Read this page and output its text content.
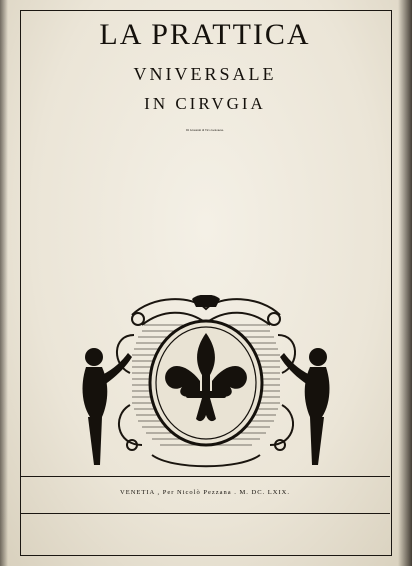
LA PRATTICA
VNIVERSALE
IN CIRVGIA
Di Giouanni di Vico Genouese.
VENETIA , Per Nicolò Pezzana . M. DC. LXIX.
